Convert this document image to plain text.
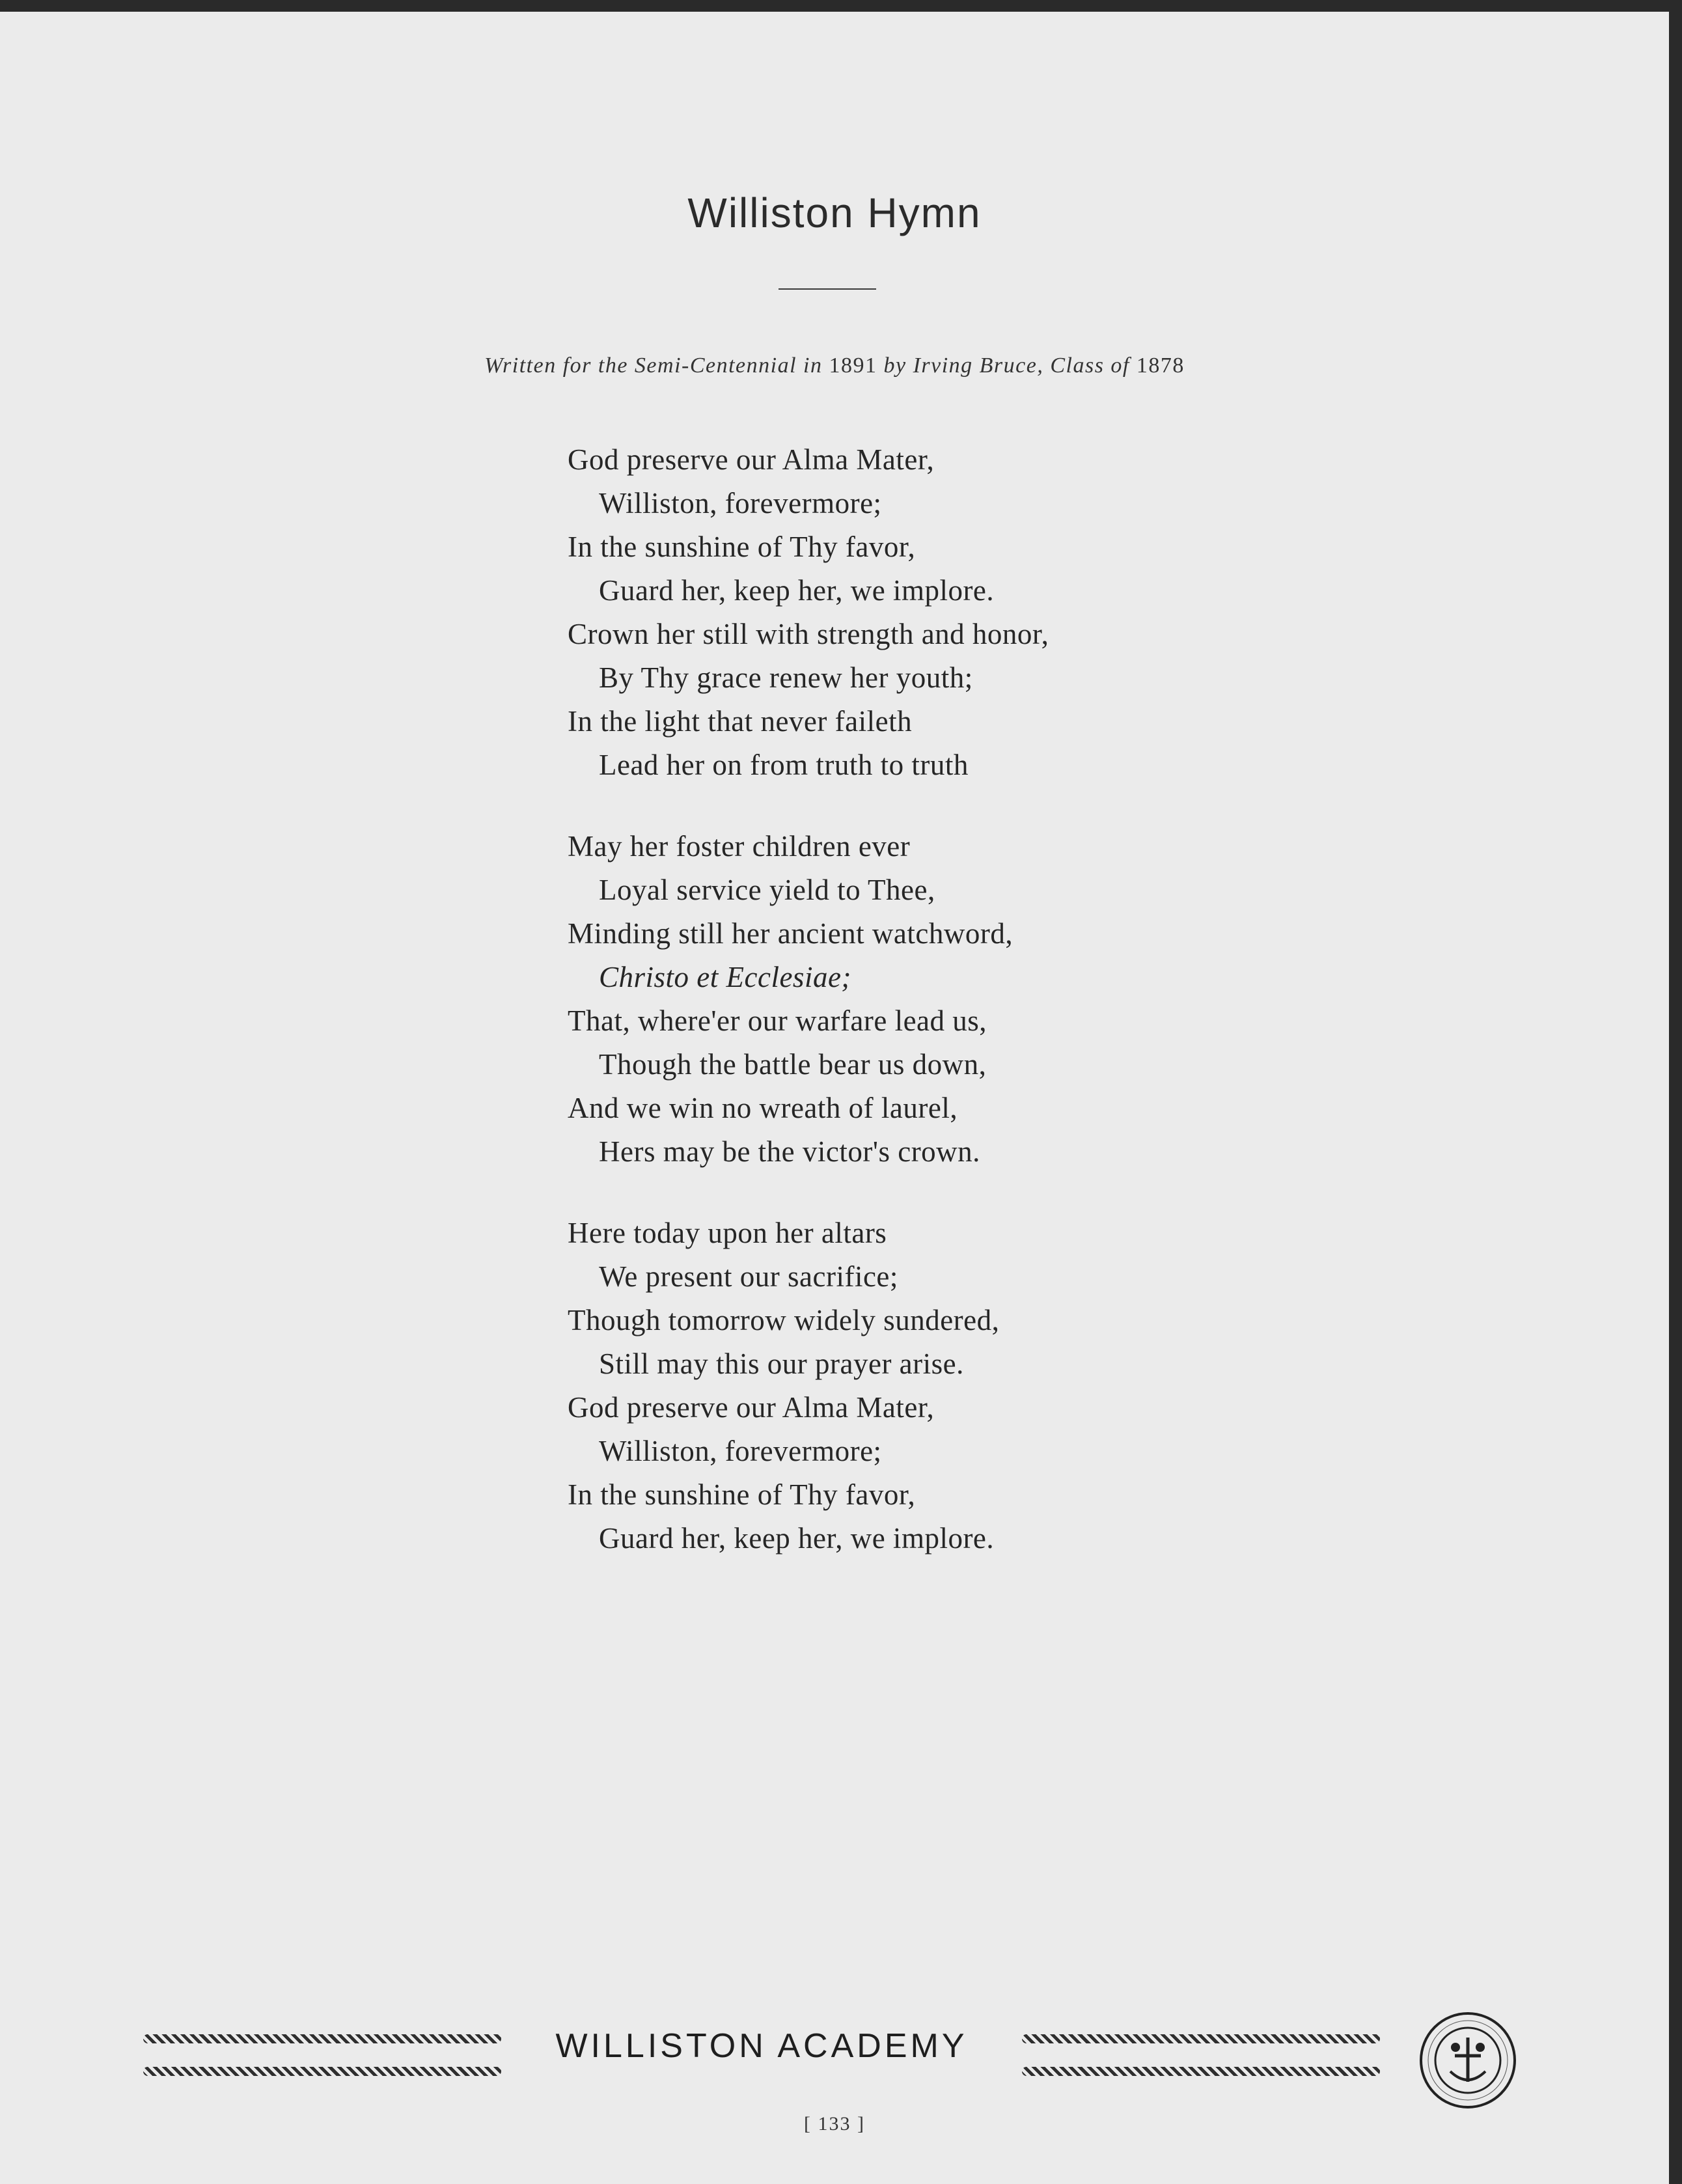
Williston Hymn
Written for the Semi-Centennial in 1891 by Irving Bruce, Class of 1878
God preserve our Alma Mater,
Williston, forevermore;
In the sunshine of Thy favor,
Guard her, keep her, we implore.
Crown her still with strength and honor,
By Thy grace renew her youth;
In the light that never faileth
Lead her on from truth to truth
May her foster children ever
Loyal service yield to Thee,
Minding still her ancient watchword,
Christo et Ecclesiae;
That, where'er our warfare lead us,
Though the battle bear us down,
And we win no wreath of laurel,
Hers may be the victor's crown.
Here today upon her altars
We present our sacrifice;
Though tomorrow widely sundered,
Still may this our prayer arise.
God preserve our Alma Mater,
Williston, forevermore;
In the sunshine of Thy favor,
Guard her, keep her, we implore.
WILLISTON ACADEMY
[ 133 ]
